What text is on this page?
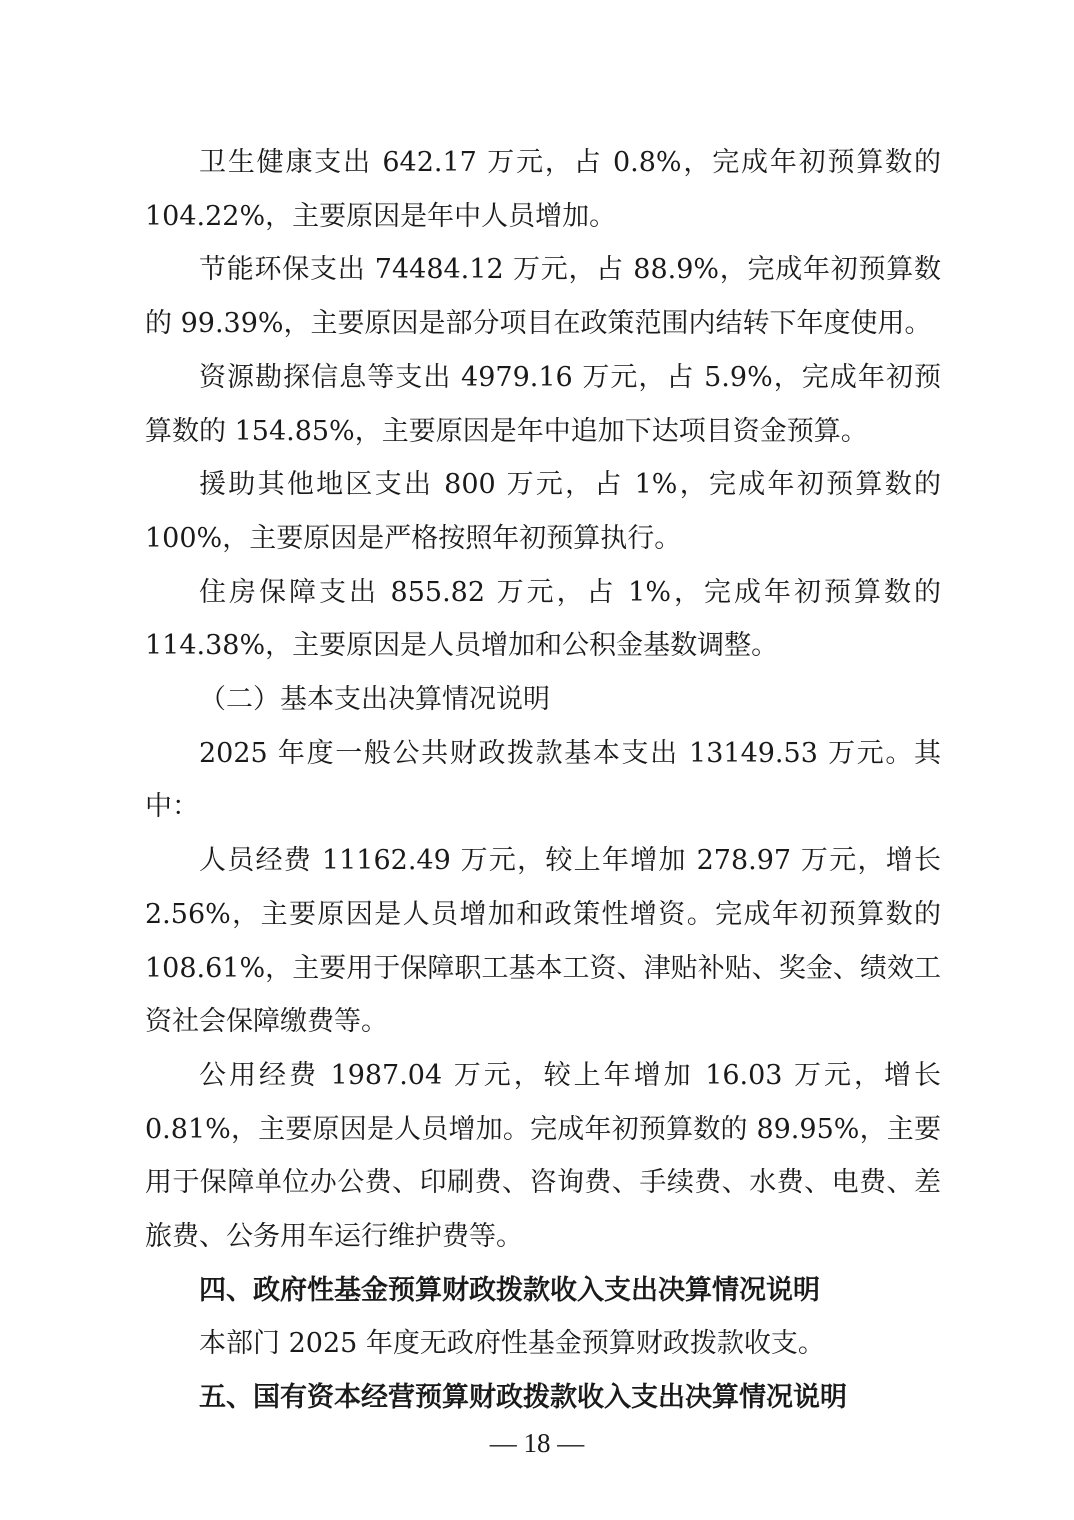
卫生健康支出 642.17 万元，占 0.8%，完成年初预算数的 104.22%，主要原因是年中人员增加。

节能环保支出 74484.12 万元，占 88.9%，完成年初预算数的 99.39%，主要原因是部分项目在政策范围内结转下年度使用。

资源勘探信息等支出 4979.16 万元，占 5.9%，完成年初预算数的 154.85%，主要原因是年中追加下达项目资金预算。

援助其他地区支出 800 万元，占 1%，完成年初预算数的 100%，主要原因是严格按照年初预算执行。

住房保障支出 855.82 万元，占 1%，完成年初预算数的 114.38%，主要原因是人员增加和公积金基数调整。

（二）基本支出决算情况说明

2025 年度一般公共财政拨款基本支出 13149.53 万元。其中：

人员经费 11162.49 万元，较上年增加 278.97 万元，增长 2.56%，主要原因是人员增加和政策性增资。完成年初预算数的 108.61%，主要用于保障职工基本工资、津贴补贴、奖金、绩效工资社会保障缴费等。

公用经费 1987.04 万元，较上年增加 16.03 万元，增长 0.81%，主要原因是人员增加。完成年初预算数的 89.95%，主要用于保障单位办公费、印刷费、咨询费、手续费、水费、电费、差旅费、公务用车运行维护费等。

四、政府性基金预算财政拨款收入支出决算情况说明

本部门 2025 年度无政府性基金预算财政拨款收支。

五、国有资本经营预算财政拨款收入支出决算情况说明

— 18 —
